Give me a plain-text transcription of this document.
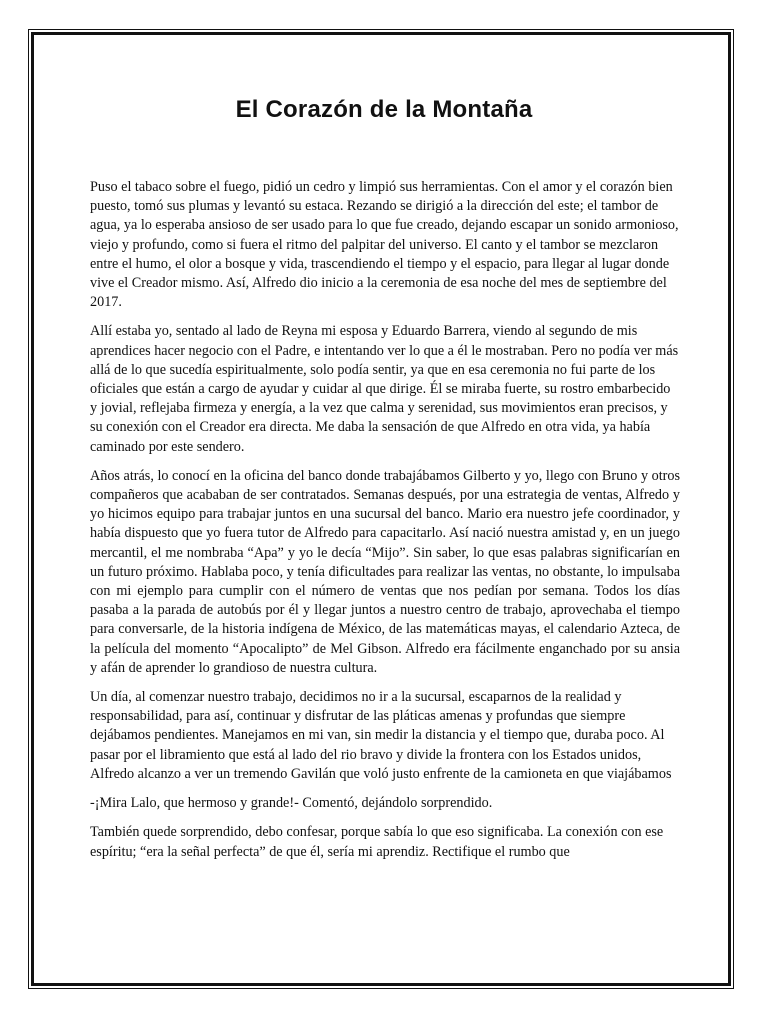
El Corazón de la Montaña

Puso el tabaco sobre el fuego, pidió un cedro y limpió sus herramientas. Con el amor y el corazón bien puesto, tomó sus plumas y levantó su estaca. Rezando se dirigió a la dirección del este; el tambor de agua, ya lo esperaba ansioso de ser usado para lo que fue creado, dejando escapar un sonido armonioso, viejo y profundo, como si fuera el ritmo del palpitar del universo. El canto y el tambor se mezclaron entre el humo, el olor a bosque y vida, trascendiendo el tiempo y el espacio, para llegar al lugar donde vive el Creador mismo. Así, Alfredo dio inicio a la ceremonia de esa noche del mes de septiembre del 2017.

Allí estaba yo, sentado al lado de Reyna mi esposa y Eduardo Barrera, viendo al segundo de mis aprendices hacer negocio con el Padre, e intentando ver lo que a él le mostraban. Pero no podía ver más allá de lo que sucedía espiritualmente, solo podía sentir, ya que en esa ceremonia no fui parte de los oficiales que están a cargo de ayudar y cuidar al que dirige. Él se miraba fuerte, su rostro embarbecido y jovial, reflejaba firmeza y energía, a la vez que calma y serenidad, sus movimientos eran precisos, y su conexión con el Creador era directa. Me daba la sensación de que Alfredo en otra vida, ya había caminado por este sendero.

Años atrás, lo conocí en la oficina del banco donde trabajábamos Gilberto y yo, llego con Bruno y otros compañeros que acababan de ser contratados. Semanas después, por una estrategia de ventas, Alfredo y yo hicimos equipo para trabajar juntos en una sucursal del banco. Mario era nuestro jefe coordinador, y había dispuesto que yo fuera tutor de Alfredo para capacitarlo. Así nació nuestra amistad y, en un juego mercantil, el me nombraba “Apa” y yo le decía “Mijo”. Sin saber, lo que esas palabras significarían en un futuro próximo. Hablaba poco, y tenía dificultades para realizar las ventas, no obstante, lo impulsaba con mi ejemplo para cumplir con el número de ventas que nos pedían por semana. Todos los días pasaba a la parada de autobús por él y llegar juntos a nuestro centro de trabajo, aprovechaba el tiempo para conversarle, de la historia indígena de México, de las matemáticas mayas, el calendario Azteca, de la película del momento “Apocalipto” de Mel Gibson. Alfredo era fácilmente enganchado por su ansia y afán de aprender lo grandioso de nuestra cultura.

Un día, al comenzar nuestro trabajo, decidimos no ir a la sucursal, escaparnos de la realidad y responsabilidad, para así, continuar y disfrutar de las pláticas amenas y profundas que siempre dejábamos pendientes. Manejamos en mi van, sin medir la distancia y el tiempo que, duraba poco. Al pasar por el libramiento que está al lado del rio bravo y divide la frontera con los Estados unidos, Alfredo alcanzo a ver un tremendo Gavilán que voló justo enfrente de la camioneta en que viajábamos

-¡Mira Lalo, que hermoso y grande!- Comentó, dejándolo sorprendido.

También quede sorprendido, debo confesar, porque sabía lo que eso significaba. La conexión con ese espíritu; “era la señal perfecta” de que él, sería mi aprendiz. Rectifique el rumbo que
